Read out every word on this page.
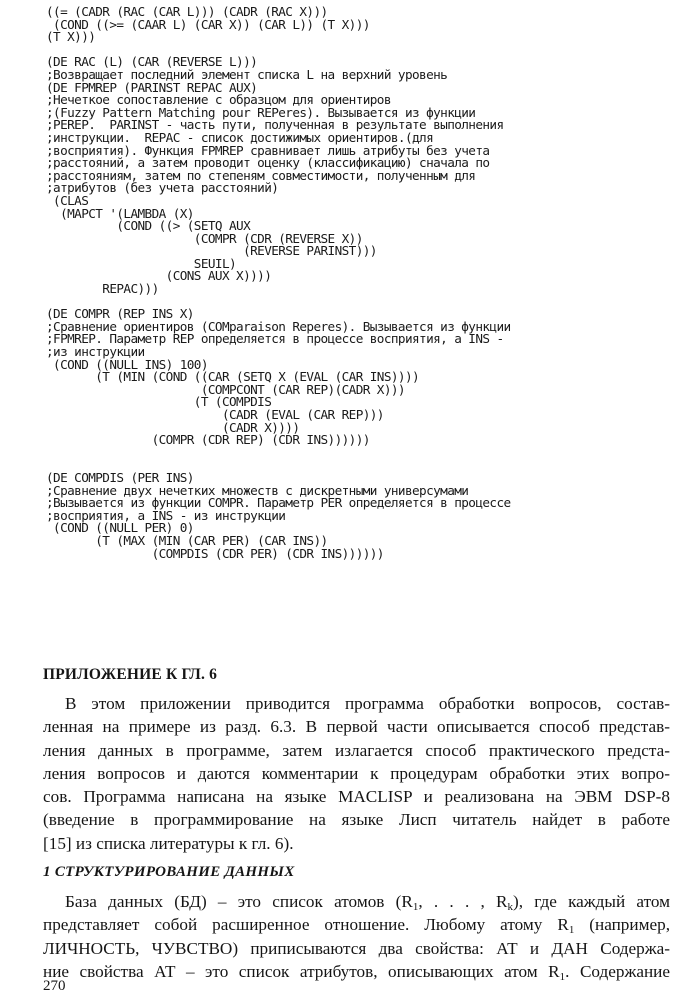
((= (CADR (RAC (CAR L))) (CADR (RAC X)))
(COND ((>= (CAAR L) (CAR X)) (CAR L)) (T X)))
(T X)))

(DE RAC (L) (CAR (REVERSE L)))
;Возвращает последний элемент списка L на верхний уровень
(DE FPMREP (PARINST REPAC AUX)
;Нечеткое сопоставление с образцом для ориентиров
;(Fuzzy Pattern Matching pour REPeres). Вызывается из функции
;PEREP.  PARINST - часть пути, полученная в результате выполнения
;инструкции.  REPAC - список достижимых ориентиров.(для
;восприятия). Функция FPMREP сравнивает лишь атрибуты без учета
;расстояний, а затем проводит оценку (классификацию) сначала по
;расстояниям, затем по степеням совместимости, полученным для
;атрибутов (без учета расстояний)
(CLAS
(MAPCT '(LAMBDA (X)
(COND ((> (SETQ AUX
(COMPR (CDR (REVERSE X))
(REVERSE PARINST)))
SEUIL)
(CONS AUX X))))
REPAC)))

(DE COMPR (REP INS X)
;Сравнение ориентиров (COMparaison Reperes). Вызывается из функции
;FPMREP. Параметр REP определяется в процессе восприятия, а INS -
;из инструкции
(COND ((NULL INS) 100)
(T (MIN (COND ((CAR (SETQ X (EVAL (CAR INS))))
(COMPCONT (CAR REP)(CADR X)))
(T (COMPDIS
(CADR (EVAL (CAR REP)))
(CADR X))))
(COMPR (CDR REP) (CDR INS))))))

(DE COMPDIS (PER INS)
;Сравнение двух нечетких множеств с дискретными универсумами
;Вызывается из функции COMPR. Параметр PER определяется в процессе
;восприятия, а INS - из инструкции
(COND ((NULL PER) 0)
(T (MAX (MIN (CAR PER) (CAR INS))
(COMPDIS (CDR PER) (CDR INS))))))
ПРИЛОЖЕНИЕ К ГЛ. 6

В этом приложении приводится программа обработки вопросов, состав-
ленная на примере из разд. 6.3. В первой части описывается способ представ-
ления данных в программе, затем излагается способ практического предста-
ления вопросов и даются комментарии к процедурам обработки этих вопро-
сов. Программа написана на языке MACLISP и реализована на ЭВМ DSP-8
(введение в программирование на языке Лисп читатель найдет в работе
[15] из списка литературы к гл. 6).

1 СТРУКТУРИРОВАНИЕ ДАННЫХ

База данных (БД) – это список атомов ($R_1$, . . . , $R_k$), где каждый атом
представляет собой расширенное отношение. Любому атому $R_1$ (например,
ЛИЧНОСТЬ, ЧУВСТВО) приписываются два свойства: АТ и ДАН Содержа-
ние свойства АТ – это список атрибутов, описывающих атом $R_1$. Содержание

270
